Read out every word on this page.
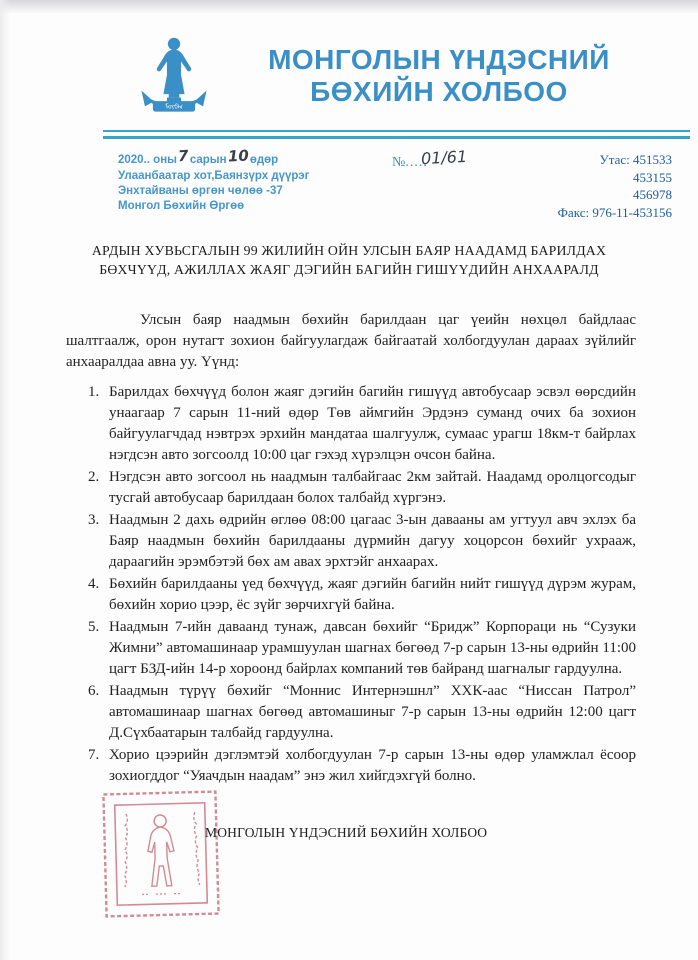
ᠮᠦᠪᠬ
МОНГОЛЫН ҮНДЭСНИЙ
БӨХИЙН ХОЛБОО
2020.. оны 7 сарын 10 өдөр
Улаанбаатар хот,Баянзүрх дүүрэг
Энхтайваны өргөн чөлөө -37
Монгол Бөхийн Өргөө
№..... 01/61	Утас: 451533
453155
456978
Факс: 976-11-453156
АРДЫН ХУВЬСГАЛЫН 99 ЖИЛИЙН ОЙН УЛСЫН БАЯР НААДАМД БАРИЛДАХ
БӨХЧҮҮД, АЖИЛЛАХ ЖАЯГ ДЭГИЙН БАГИЙН ГИШҮҮДИЙН АНХААРАЛД

Улсын баяр наадмын бөхийн барилдаан цаг үеийн нөхцөл байдлаас шалтгаалж, орон нутагт зохион байгуулагдаж байгаатай холбогдуулан дараах зүйлийг анхааралдаа авна уу. Үүнд:

Барилдах бөхчүүд болон жаяг дэгийн багийн гишүүд автобусаар эсвэл өөрсдийн унаагаар 7 сарын 11-ний өдөр Төв аймгийн Эрдэнэ суманд очих ба зохион байгуулагчдад нэвтрэх эрхийн мандатаа шалгуулж, сумаас урагш 18км-т байрлах нэгдсэн авто зогсоолд 10:00 цаг гэхэд хүрэлцэн очсон байна.
Нэгдсэн авто зогсоол нь наадмын талбайгаас 2км зайтай. Наадамд оролцогсодыг тусгай автобусаар барилдаан болох талбайд хүргэнэ.
Наадмын 2 дахь өдрийн өглөө 08:00 цагаас 3-ын давааны ам угтуул авч эхлэх ба Баяр наадмын бөхийн барилдааны дүрмийн дагуу хоцорсон бөхийг ухрааж, дараагийн эрэмбэтэй бөх ам авах эрхтэйг анхаарах.
Бөхийн барилдааны үед бөхчүүд, жаяг дэгийн багийн нийт гишүүд дүрэм журам, бөхийн хорио цээр, ёс зүйг зөрчихгүй байна.
Наадмын 7-ийн даваанд тунаж, давсан бөхийг “Бридж” Корпораци нь “Сузуки Жимни” автомашинаар урамшуулан шагнах бөгөөд 7-р сарын 13-ны өдрийн 11:00 цагт БЗД-ийн 14-р хороонд байрлах компаний төв байранд шагналыг гардуулна.
Наадмын түрүү бөхийг “Моннис Интернэшнл” ХХК-аас “Ниссан Патрол” автомашинаар шагнах бөгөөд автомашиныг 7-р сарын 13-ны өдрийн 12:00 цагт Д.Сүхбаатарын талбайд гардуулна.
Хорио цээрийн дэглэмтэй холбогдуулан 7-р сарын 13-ны өдөр уламжлал ёсоор зохиогддог “Уяачдын наадам” энэ жил хийгдэхгүй болно.
МОНГОЛЫН ҮНДЭСНИЙ БӨХИЙН ХОЛБОО
